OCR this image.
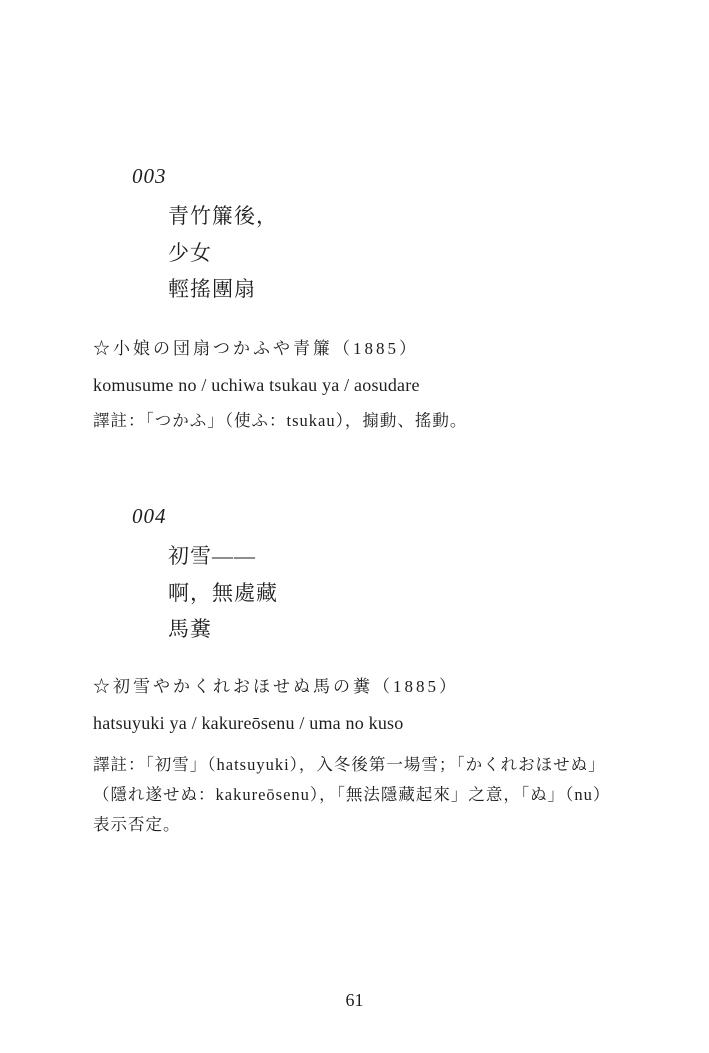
003
青竹簾後，
少女
輕搖團扇
☆小娘の団扇つかふや青簾（1885）
komusume no / uchiwa tsukau ya / aosudare
譯註：「つかふ」（使ふ：tsukau），搧動、搖動。
004
初雪——
啊，無處藏
馬糞
☆初雪やかくれおほせぬ馬の糞（1885）
hatsuyuki ya / kakureōsenu / uma no kuso
譯註：「初雪」（hatsuyuki），入冬後第一場雪；「かくれおほせぬ」
（隱れ遂せぬ：kakureōsenu），「無法隱藏起來」之意，「ぬ」（nu）
表示否定。
61
